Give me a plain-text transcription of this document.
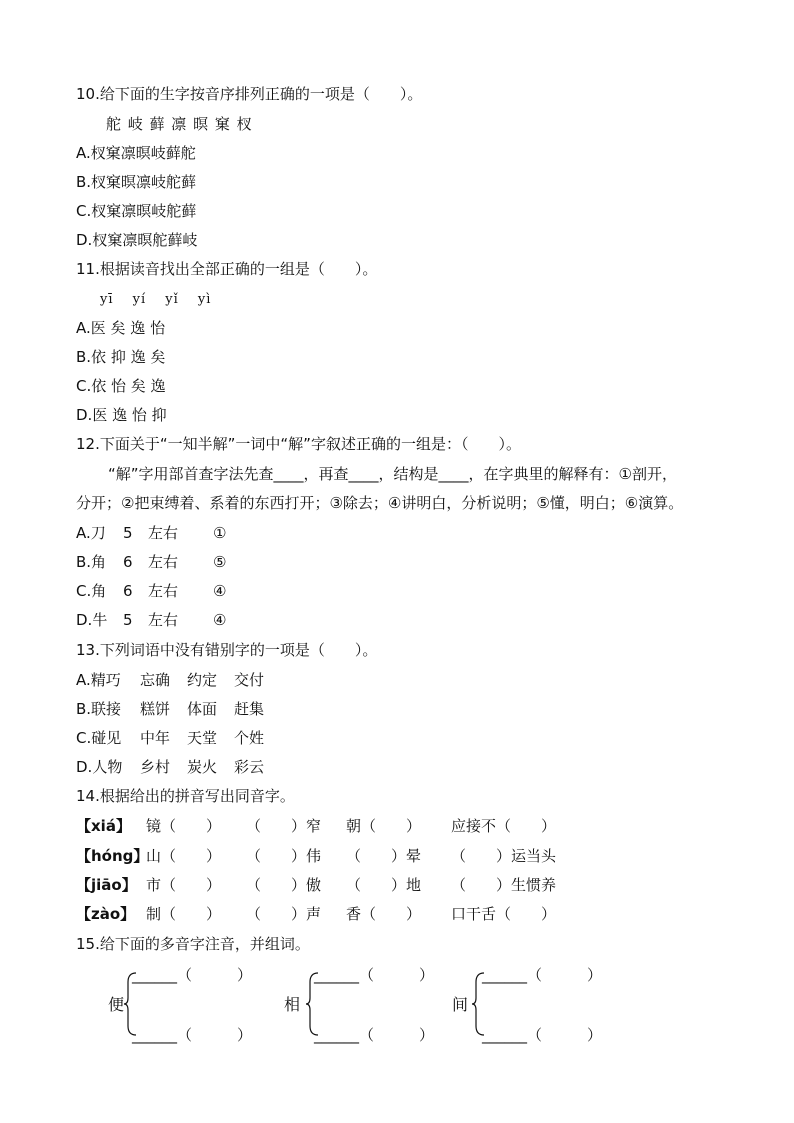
10.给下面的生字按音序排列正确的一项是（　　）。
舵 岐 藓 凛 暝 窠 杈
A.杈窠凛暝岐藓舵
B.杈窠暝凛岐舵藓
C.杈窠凛暝岐舵藓
D.杈窠凛暝舵藓岐
11.根据读音找出全部正确的一组是（　　）。
yī　 yí　 yǐ　 yì
A.医 矣 逸 怡
B.依 抑 逸 矣
C.依 怡 矣 逸
D.医 逸 怡 抑
12.下面关于“一知半解”一词中“解”字叙述正确的一组是：（　　）。
“解”字用部首查字法先查____，再查____，结构是____，在字典里的解释有：①剖开，
分开；②把束缚着、系着的东西打开；③除去；④讲明白，分析说明；⑤懂，明白；⑥演算。
A.刀 5 左右 ①
B.角 6 左右 ⑤
C.角 6 左右 ④
D.牛 5 左右 ④
13.下列词语中没有错别字的一项是（　　）。
A.精巧 忘确 约定 交付
B.联接 糕饼 体面 赶集
C.碰见 中年 天堂 个姓
D.人物 乡村 炭火 彩云
14.根据给出的拼音写出同音字。
【xiá】 镜（　　） （　　）窄 朝（　　） 应接不（　　）
【hóng】
山（　　） （　　）伟 （　　）晕 （　　）运当头
【jiāo】 市（　　） （　　）傲 （　　）地 （　　）生惯养
【zào】 制（　　） （　　）声 香（　　） 口干舌（　　）
15.给下面的多音字注音，并组词。
便
______（　　　）
______（　　　）
相
______（　　　）
______（　　　）
间
______（　　　）
______（　　　）
